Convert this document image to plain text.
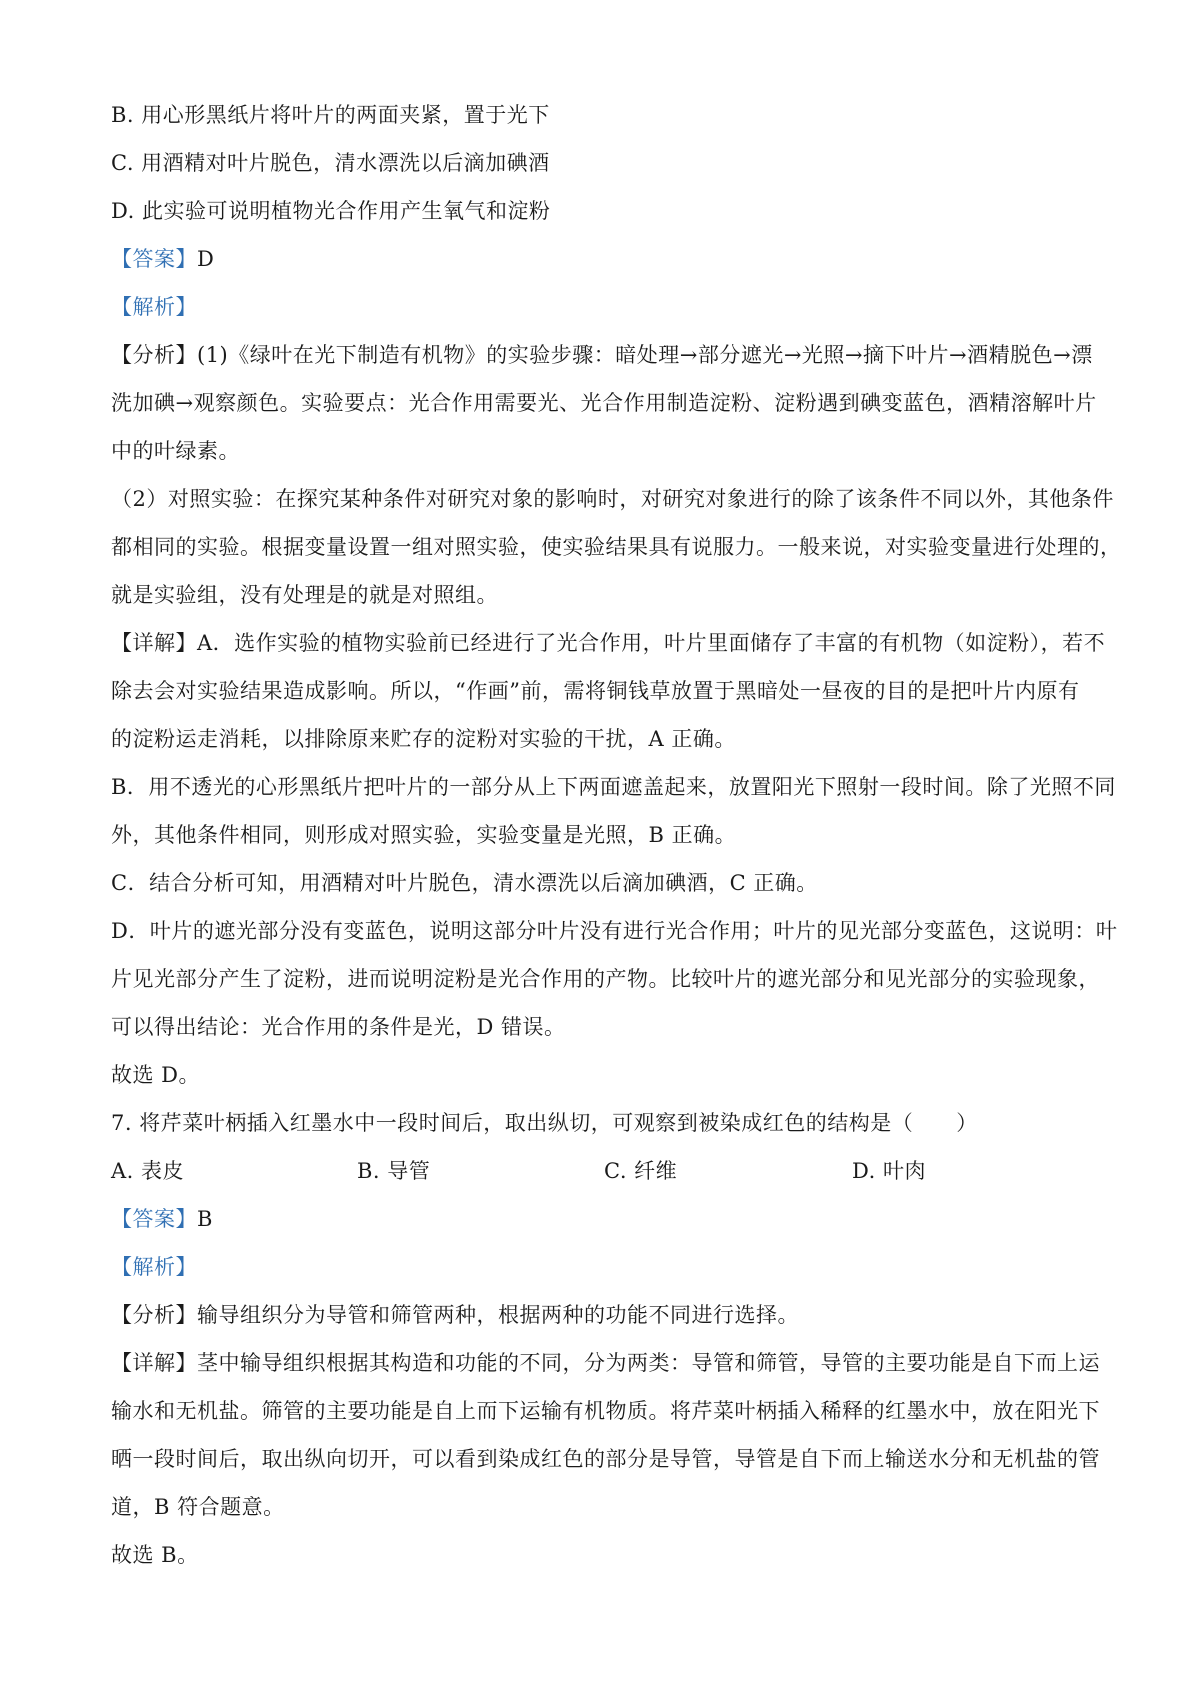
B. 用心形黑纸片将叶片的两面夹紧，置于光下
C. 用酒精对叶片脱色，清水漂洗以后滴加碘酒
D. 此实验可说明植物光合作用产生氧气和淀粉
【答案】D
【解析】
【分析】(1)《绿叶在光下制造有机物》的实验步骤：暗处理→部分遮光→光照→摘下叶片→酒精脱色→漂
洗加碘→观察颜色。实验要点：光合作用需要光、光合作用制造淀粉、淀粉遇到碘变蓝色，酒精溶解叶片
中的叶绿素。
（2）对照实验：在探究某种条件对研究对象的影响时，对研究对象进行的除了该条件不同以外，其他条件
都相同的实验。根据变量设置一组对照实验，使实验结果具有说服力。一般来说，对实验变量进行处理的，
就是实验组，没有处理是的就是对照组。
【详解】A．选作实验的植物实验前已经进行了光合作用，叶片里面储存了丰富的有机物（如淀粉），若不
除去会对实验结果造成影响。所以，“作画”前，需将铜钱草放置于黑暗处一昼夜的目的是把叶片内原有
的淀粉运走消耗，以排除原来贮存的淀粉对实验的干扰，A 正确。
B．用不透光的心形黑纸片把叶片的一部分从上下两面遮盖起来，放置阳光下照射一段时间。除了光照不同
外，其他条件相同，则形成对照实验，实验变量是光照，B 正确。
C．结合分析可知，用酒精对叶片脱色，清水漂洗以后滴加碘酒，C 正确。
D．叶片的遮光部分没有变蓝色，说明这部分叶片没有进行光合作用；叶片的见光部分变蓝色，这说明：叶
片见光部分产生了淀粉，进而说明淀粉是光合作用的产物。比较叶片的遮光部分和见光部分的实验现象，
可以得出结论：光合作用的条件是光，D 错误。
故选 D。
7. 将芹菜叶柄插入红墨水中一段时间后，取出纵切，可观察到被染成红色的结构是（　　）
A. 表皮	B. 导管	C. 纤维	D. 叶肉
【答案】B
【解析】
【分析】输导组织分为导管和筛管两种，根据两种的功能不同进行选择。
【详解】茎中输导组织根据其构造和功能的不同，分为两类：导管和筛管，导管的主要功能是自下而上运
输水和无机盐。筛管的主要功能是自上而下运输有机物质。将芹菜叶柄插入稀释的红墨水中，放在阳光下
晒一段时间后，取出纵向切开，可以看到染成红色的部分是导管，导管是自下而上输送水分和无机盐的管
道，B 符合题意。
故选 B。
